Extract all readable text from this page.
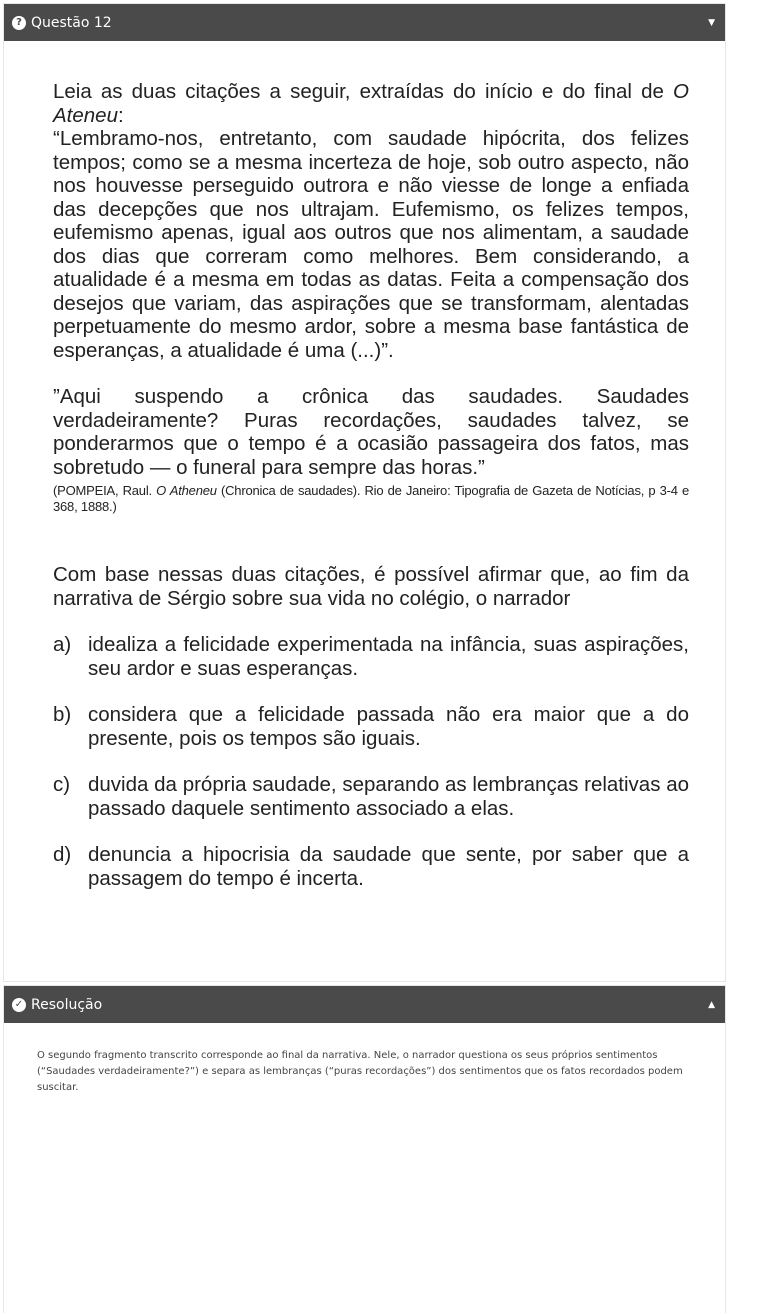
? Questão 12	▼

Leia as duas citações a seguir, extraídas do início e do final de O Ateneu:

“Lembramo-nos, entretanto, com saudade hipócrita, dos felizes tempos; como se a mesma incerteza de hoje, sob outro aspecto, não nos houvesse perseguido outrora e não viesse de longe a enfiada das decepções que nos ultrajam. Eufemismo, os felizes tempos, eufemismo apenas, igual aos outros que nos alimentam, a saudade dos dias que correram como melhores. Bem considerando, a atualidade é a mesma em todas as datas. Feita a compensação dos desejos que variam, das aspirações que se transformam, alentadas perpetuamente do mesmo ardor, sobre a mesma base fantástica de esperanças, a atualidade é uma (...)”.

”Aqui suspendo a crônica das saudades. Saudades verdadeiramente? Puras recordações, saudades talvez, se ponderarmos que o tempo é a ocasião passageira dos fatos, mas sobretudo — o funeral para sempre das horas.”

(POMPEIA, Raul. O Atheneu (Chronica de saudades). Rio de Janeiro: Tipografia de Gazeta de Notícias, p 3-4 e 368, 1888.)

Com base nessas duas citações, é possível afirmar que, ao fim da narrativa de Sérgio sobre sua vida no colégio, o narrador

a) idealiza a felicidade experimentada na infância, suas aspirações, seu ardor e suas esperanças.
b) considera que a felicidade passada não era maior que a do presente, pois os tempos são iguais.
c) duvida da própria saudade, separando as lembranças relativas ao passado daquele sentimento associado a elas.
d) denuncia a hipocrisia da saudade que sente, por saber que a passagem do tempo é incerta.
✓ Resolução	▲

O segundo fragmento transcrito corresponde ao final da narrativa. Nele, o narrador questiona os seus próprios sentimentos (“Saudades verdadeiramente?”) e separa as lembranças (“puras recordações”) dos sentimentos que os fatos recordados podem suscitar.
